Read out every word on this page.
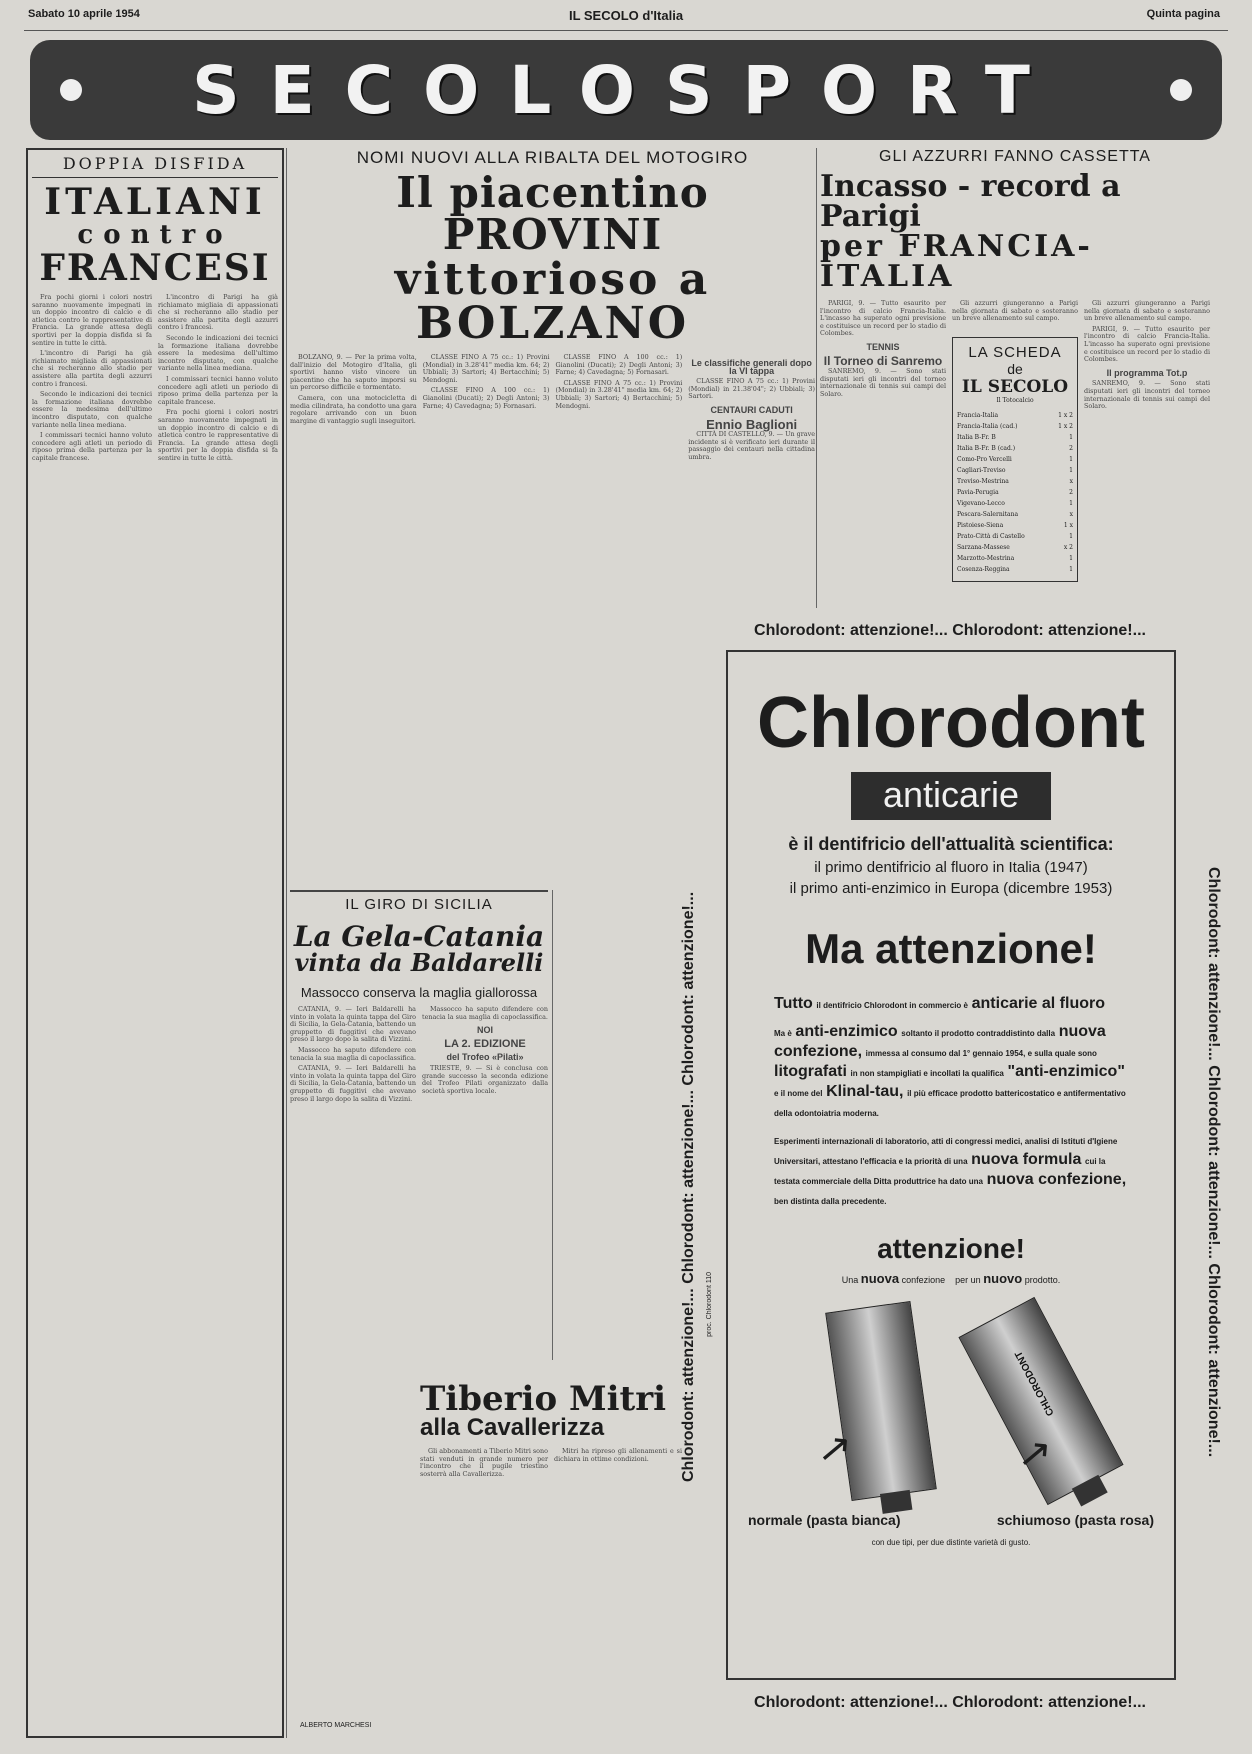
Sabato 10 aprile 1954	IL SECOLO d'Italia	Quinta pagina
SECOLOSPORT
DOPPIA DISFIDA
ITALIANI
contro
FRANCESI

Fra pochi giorni i colori nostri saranno nuovamente impegnati in un doppio incontro di calcio e di atletica contro le rappresentative di Francia. La grande attesa degli sportivi per la doppia disfida si fa sentire in tutte le città.

L'incontro di Parigi ha già richiamato migliaia di appassionati che si recheranno allo stadio per assistere alla partita degli azzurri contro i francesi.

Secondo le indicazioni dei tecnici la formazione italiana dovrebbe essere la medesima dell'ultimo incontro disputato, con qualche variante nella linea mediana.

I commissari tecnici hanno voluto concedere agli atleti un periodo di riposo prima della partenza per la capitale francese.

L'incontro di Parigi ha già richiamato migliaia di appassionati che si recheranno allo stadio per assistere alla partita degli azzurri contro i francesi.

Secondo le indicazioni dei tecnici la formazione italiana dovrebbe essere la medesima dell'ultimo incontro disputato, con qualche variante nella linea mediana.

I commissari tecnici hanno voluto concedere agli atleti un periodo di riposo prima della partenza per la capitale francese.

Fra pochi giorni i colori nostri saranno nuovamente impegnati in un doppio incontro di calcio e di atletica contro le rappresentative di Francia. La grande attesa degli sportivi per la doppia disfida si fa sentire in tutte le città.

NOMI NUOVI ALLA RIBALTA DEL MOTOGIRO
Il piacentino PROVINI
vittorioso a BOLZANO

BOLZANO, 9. — Per la prima volta, dall'inizio del Motogiro d'Italia, gli sportivi hanno visto vincere un piacentino che ha saputo imporsi su un percorso difficile e tormentato.

Camera, con una motocicletta di media cilindrata, ha condotto una gara regolare arrivando con un buon margine di vantaggio sugli inseguitori.

CLASSE FINO A 75 cc.: 1) Provini (Mondial) in 3.28'41" media km. 64; 2) Ubbiali; 3) Sartori; 4) Bertacchini; 5) Mendogni.

CLASSE FINO A 100 cc.: 1) Gianolini (Ducati); 2) Degli Antoni; 3) Farne; 4) Cavedagna; 5) Fornasari.

CLASSE FINO A 100 cc.: 1) Gianolini (Ducati); 2) Degli Antoni; 3) Farne; 4) Cavedagna; 5) Fornasari.

CLASSE FINO A 75 cc.: 1) Provini (Mondial) in 3.28'41" media km. 64; 2) Ubbiali; 3) Sartori; 4) Bertacchini; 5) Mendogni.

Le classifiche generali dopo la VI tappa

CLASSE FINO A 75 cc.: 1) Provini (Mondial) in 21.38'04"; 2) Ubbiali; 3) Sartori.

CENTAURI CADUTI
Ennio Baglioni

CITTÀ DI CASTELLO, 9. — Un grave incidente si è verificato ieri durante il passaggio dei centauri nella cittadina umbra.

GLI AZZURRI FANNO CASSETTA
Incasso - record a Parigi
per FRANCIA-ITALIA

PARIGI, 9. — Tutto esaurito per l'incontro di calcio Francia-Italia. L'incasso ha superato ogni previsione e costituisce un record per lo stadio di Colombes.

TENNIS
Il Torneo di Sanremo

SANREMO, 9. — Sono stati disputati ieri gli incontri del torneo internazionale di tennis sui campi del Solaro.

Gli azzurri giungeranno a Parigi nella giornata di sabato e sosteranno un breve allenamento sul campo.

LA SCHEDA
de
IL SECOLO
Il Totocalcio
Francia-Italia	1 x 2
Francia-Italia (cad.)	1 x 2
Italia B-Fr. B	1
Italia B-Fr. B (cad.)	2
Como-Pro Vercelli	1
Cagliari-Treviso	1
Treviso-Mestrina	x
Pavia-Perugia	2
Vigevano-Lecco	1
Pescara-Salernitana	x
Pistoiese-Siena	1 x
Prato-Città di Castello	1
Sarzana-Massese	x 2
Marzotto-Mestrina	1
Cosenza-Reggina	1

Gli azzurri giungeranno a Parigi nella giornata di sabato e sosteranno un breve allenamento sul campo.

PARIGI, 9. — Tutto esaurito per l'incontro di calcio Francia-Italia. L'incasso ha superato ogni previsione e costituisce un record per lo stadio di Colombes.

Il programma Tot.p

SANREMO, 9. — Sono stati disputati ieri gli incontri del torneo internazionale di tennis sui campi del Solaro.

IL GIRO DI SICILIA
La Gela-Catania
vinta da Baldarelli
Massocco conserva la maglia giallorossa

CATANIA, 9. — Ieri Baldarelli ha vinto in volata la quinta tappa del Giro di Sicilia, la Gela-Catania, battendo un gruppetto di fuggitivi che avevano preso il largo dopo la salita di Vizzini.

Massocco ha saputo difendere con tenacia la sua maglia di capoclassifica.

CATANIA, 9. — Ieri Baldarelli ha vinto in volata la quinta tappa del Giro di Sicilia, la Gela-Catania, battendo un gruppetto di fuggitivi che avevano preso il largo dopo la salita di Vizzini.

Massocco ha saputo difendere con tenacia la sua maglia di capoclassifica.

NOI
LA 2. EDIZIONE
del Trofeo «Pilati»

TRIESTE, 9. — Si è conclusa con grande successo la seconda edizione del Trofeo Pilati organizzato dalla società sportiva locale.

Tiberio Mitri
alla Cavallerizza

Gli abbonamenti a Tiberio Mitri sono stati venduti in grande numero per l'incontro che il pugile triestino sosterrà alla Cavallerizza.

Mitri ha ripreso gli allenamenti e si dichiara in ottime condizioni.

ALBERTO MARCHESI
Chlorodont: attenzione!... Chlorodont: attenzione!...
Chlorodont: attenzione!... Chlorodont: attenzione!... Chlorodont: attenzione!...	Chlorodont: attenzione!... Chlorodont: attenzione!... Chlorodont: attenzione!...
proc. Chlorodont 110
Chlorodont
anticarie
è il dentifricio dell'attualità scientifica:
il primo dentifricio al fluoro in Italia (1947)
il primo anti-enzimico in Europa (dicembre 1953)
Ma attenzione!

Tutto il dentifricio Chlorodont in commercio è anticarie al fluoro

Ma è anti-enzimico soltanto il prodotto contraddistinto dalla nuova confezione, immessa al consumo dal 1° gennaio 1954, e sulla quale sono litografati in non stampigliati e incollati la qualifica "anti-enzimico" e il nome del Klinal-tau, il più efficace prodotto battericostatico e antifermentativo della odontoiatria moderna.

Esperimenti internazionali di laboratorio, atti di congressi medici, analisi di Istituti d'Igiene Universitari, attestano l'efficacia e la priorità di una nuova formula cui la testata commerciale della Ditta produttrice ha dato una nuova confezione, ben distinta dalla precedente.

attenzione!
Una nuova confezione per un nuovo prodotto.
CHLORODONT
→	→
normale (pasta bianca)	schiumoso (pasta rosa)
con due tipi, per due distinte varietà di gusto.
Chlorodont: attenzione!... Chlorodont: attenzione!...
